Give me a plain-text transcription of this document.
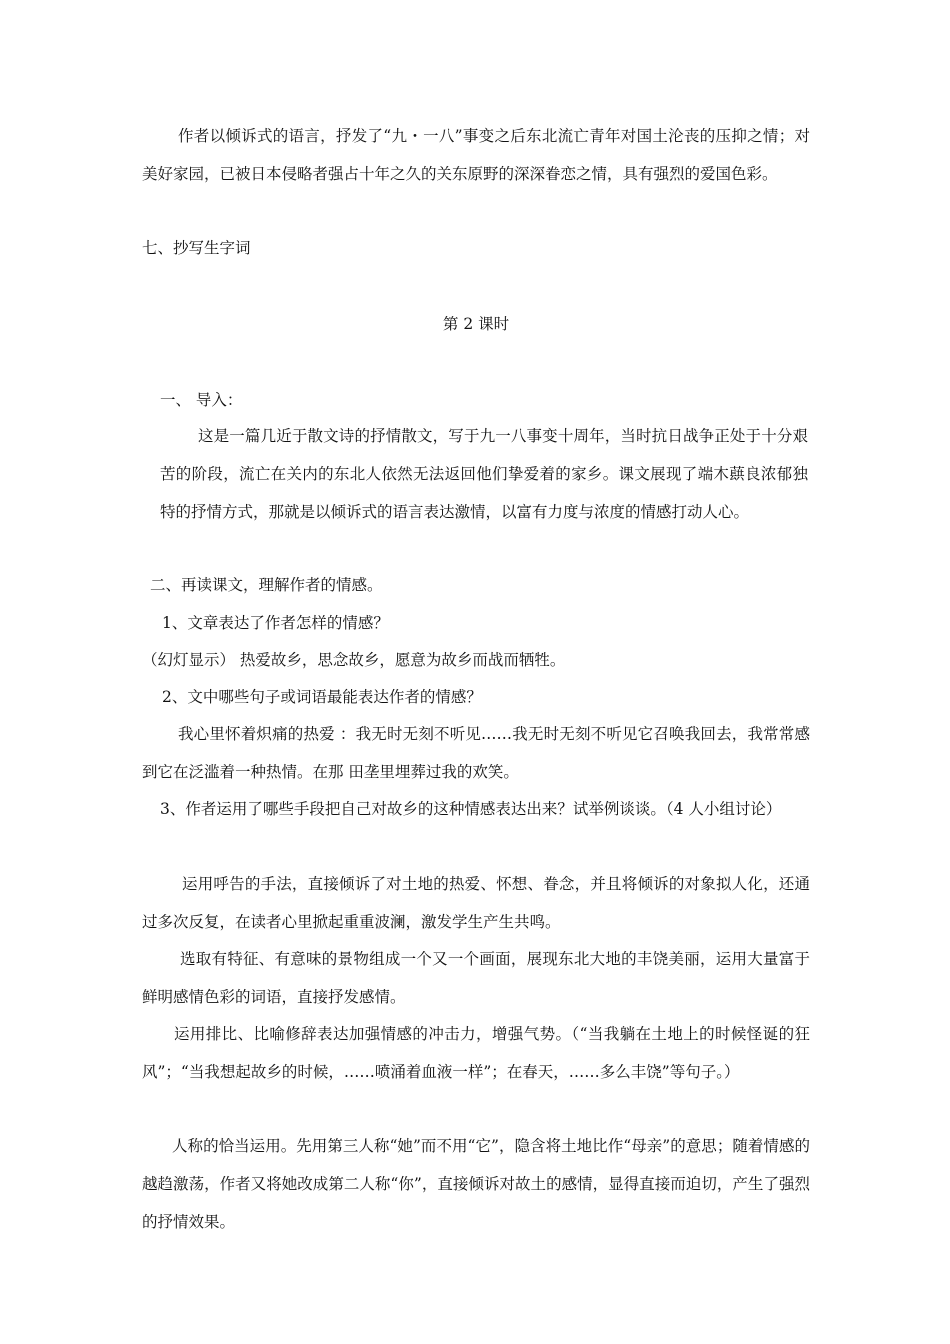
作者以倾诉式的语言，抒发了“九・一八”事变之后东北流亡青年对国土沦丧的压抑之情；对美好家园，已被日本侵略者强占十年之久的关东原野的深深眷恋之情，具有强烈的爱国色彩。
七、抄写生字词
第 2 课时
一、 导入：
这是一篇几近于散文诗的抒情散文，写于九一八事变十周年，当时抗日战争正处于十分艰苦的阶段，流亡在关内的东北人依然无法返回他们挚爱着的家乡。课文展现了端木蕻良浓郁独特的抒情方式，那就是以倾诉式的语言表达激情，以富有力度与浓度的情感打动人心。
二、再读课文，理解作者的情感。
1、文章表达了作者怎样的情感？
（幻灯显示） 热爱故乡，思念故乡，愿意为故乡而战而牺牲。
2、文中哪些句子或词语最能表达作者的情感？
我心里怀着炽痛的热爱 ：我无时无刻不听见……我无时无刻不听见它召唤我回去，我常常感到它在泛滥着一种热情。在那 田垄里埋葬过我的欢笑。
3、作者运用了哪些手段把自己对故乡的这种情感表达出来？试举例谈谈。（4 人小组讨论）
运用呼告的手法，直接倾诉了对土地的热爱、怀想、眷念，并且将倾诉的对象拟人化，还通过多次反复，在读者心里掀起重重波澜，激发学生产生共鸣。
选取有特征、有意味的景物组成一个又一个画面，展现东北大地的丰饶美丽，运用大量富于鲜明感情色彩的词语，直接抒发感情。
运用排比、比喻修辞表达加强情感的冲击力，增强气势。（“当我躺在土地上的时候怪诞的狂风”；“当我想起故乡的时候，……喷涌着血液一样”；在春天，……多么丰饶”等句子。）
人称的恰当运用。先用第三人称“她”而不用“它”，隐含将土地比作“母亲”的意思；随着情感的越趋激荡，作者又将她改成第二人称“你”，直接倾诉对故土的感情，显得直接而迫切，产生了强烈的抒情效果。
